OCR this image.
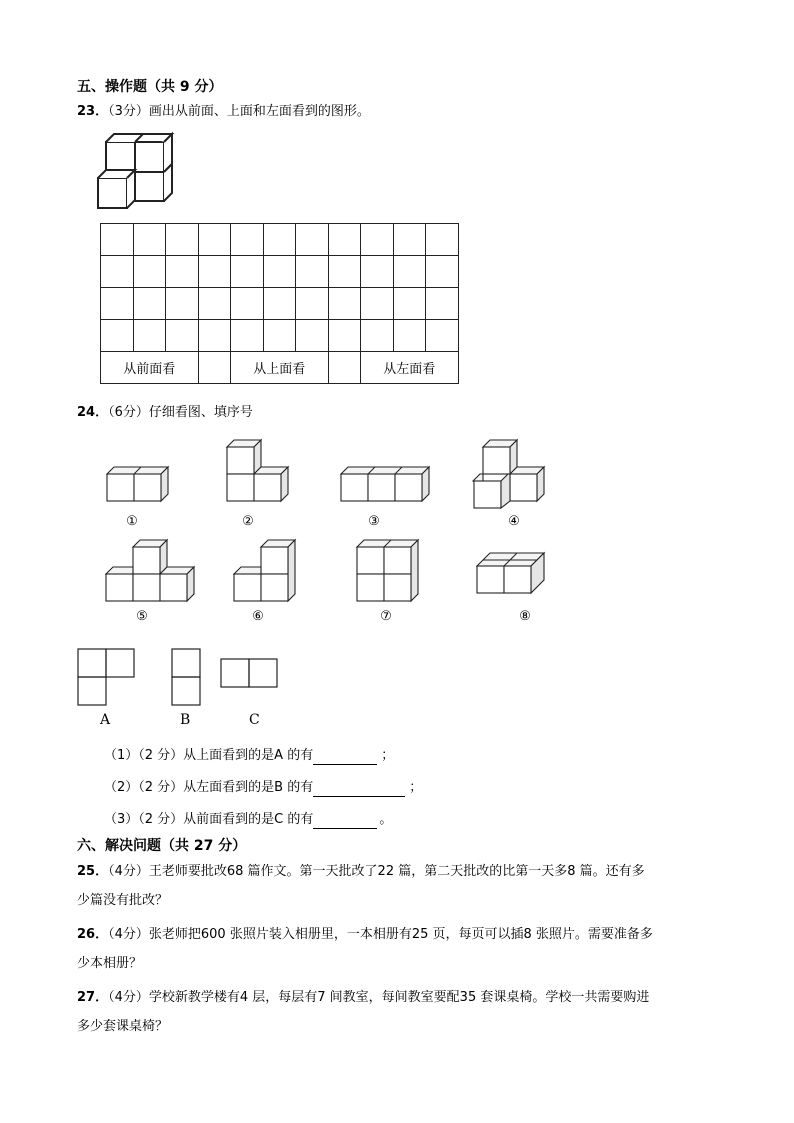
五、操作题（共 9 分）
23．（3分）画出从前面、上面和左面看到的图形。

从前面看				从上面看				从左面看		
24．（6分）仔细看图、填序号
①	②	③	④
⑤	⑥	⑦	⑧
A	B	C
（1）（2 分）从上面看到的是A 的有	；
（2）（2 分）从左面看到的是B 的有	；
（3）（2 分）从前面看到的是C 的有	。
六、解决问题（共 27 分）
25．（4分）王老师要批改68 篇作文。第一天批改了22 篇，第二天批改的比第一天多8 篇。还有多
少篇没有批改？
26．（4分）张老师把600 张照片装入相册里，一本相册有25 页，每页可以插8 张照片。需要准备多
少本相册？
27．（4分）学校新教学楼有4 层，每层有7 间教室，每间教室要配35 套课桌椅。学校一共需要购进
多少套课桌椅？
